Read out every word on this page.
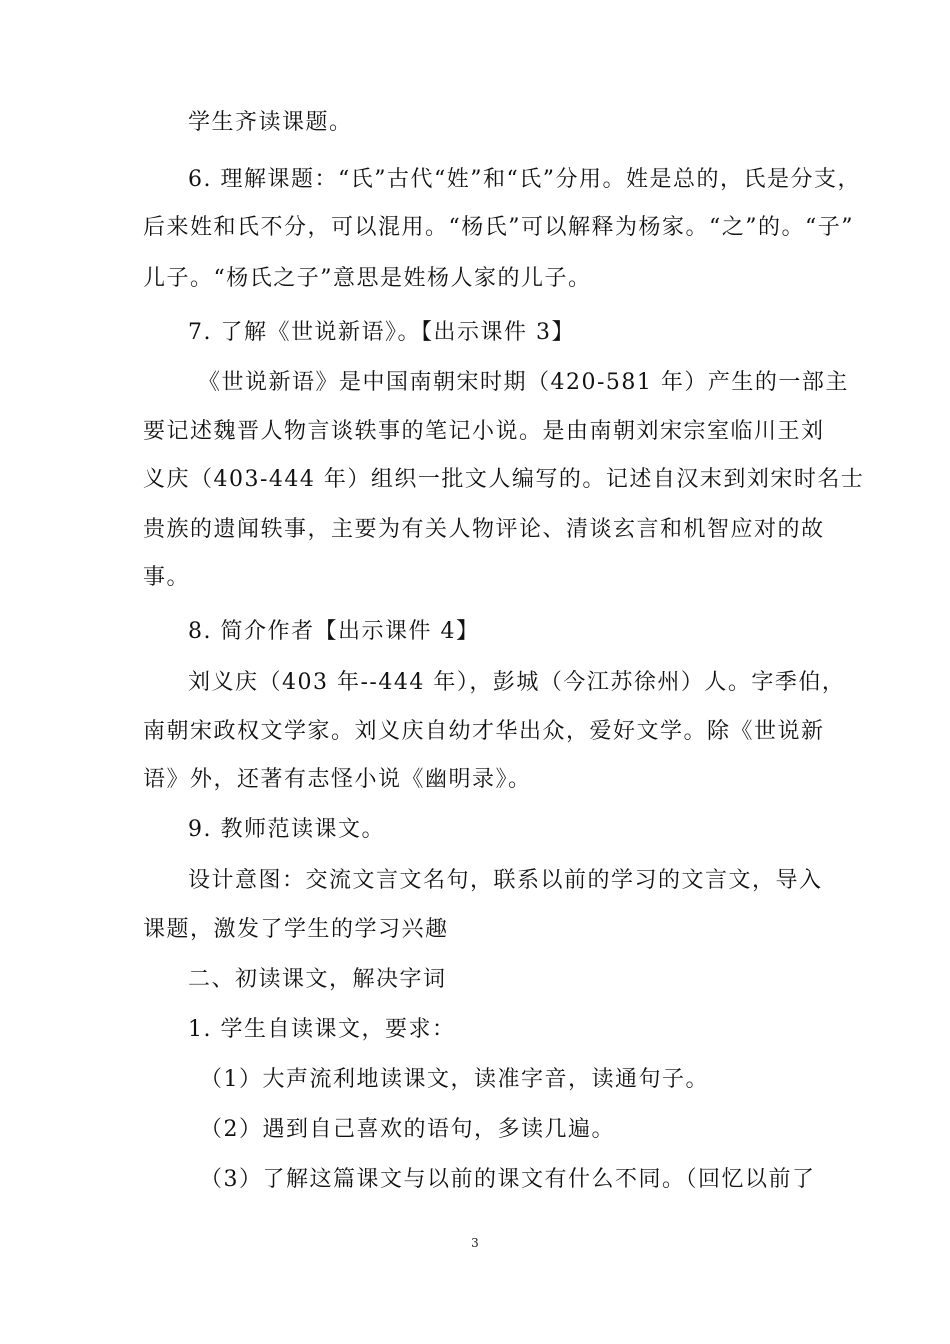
学生齐读课题。
6. 理解课题：“氏”古代“姓”和“氏”分用。姓是总的，氏是分支，
后来姓和氏不分，可以混用。“杨氏”可以解释为杨家。“之”的。“子”
儿子。“杨氏之子”意思是姓杨人家的儿子。
7. 了解《世说新语》。【出示课件 3】
《世说新语》是中国南朝宋时期（420-581 年）产生的一部主
要记述魏晋人物言谈轶事的笔记小说。是由南朝刘宋宗室临川王刘
义庆（403-444 年）组织一批文人编写的。记述自汉末到刘宋时名士
贵族的遗闻轶事，主要为有关人物评论、清谈玄言和机智应对的故
事。
8. 简介作者【出示课件 4】
刘义庆（403 年--444 年），彭城（今江苏徐州）人。字季伯，
南朝宋政权文学家。刘义庆自幼才华出众，爱好文学。除《世说新
语》外，还著有志怪小说《幽明录》。
9. 教师范读课文。
设计意图：交流文言文名句，联系以前的学习的文言文，导入
课题，激发了学生的学习兴趣
二、初读课文，解决字词
1. 学生自读课文，要求：
（1）大声流利地读课文，读准字音，读通句子。
（2）遇到自己喜欢的语句，多读几遍。
（3）了解这篇课文与以前的课文有什么不同。（回忆以前了
3
